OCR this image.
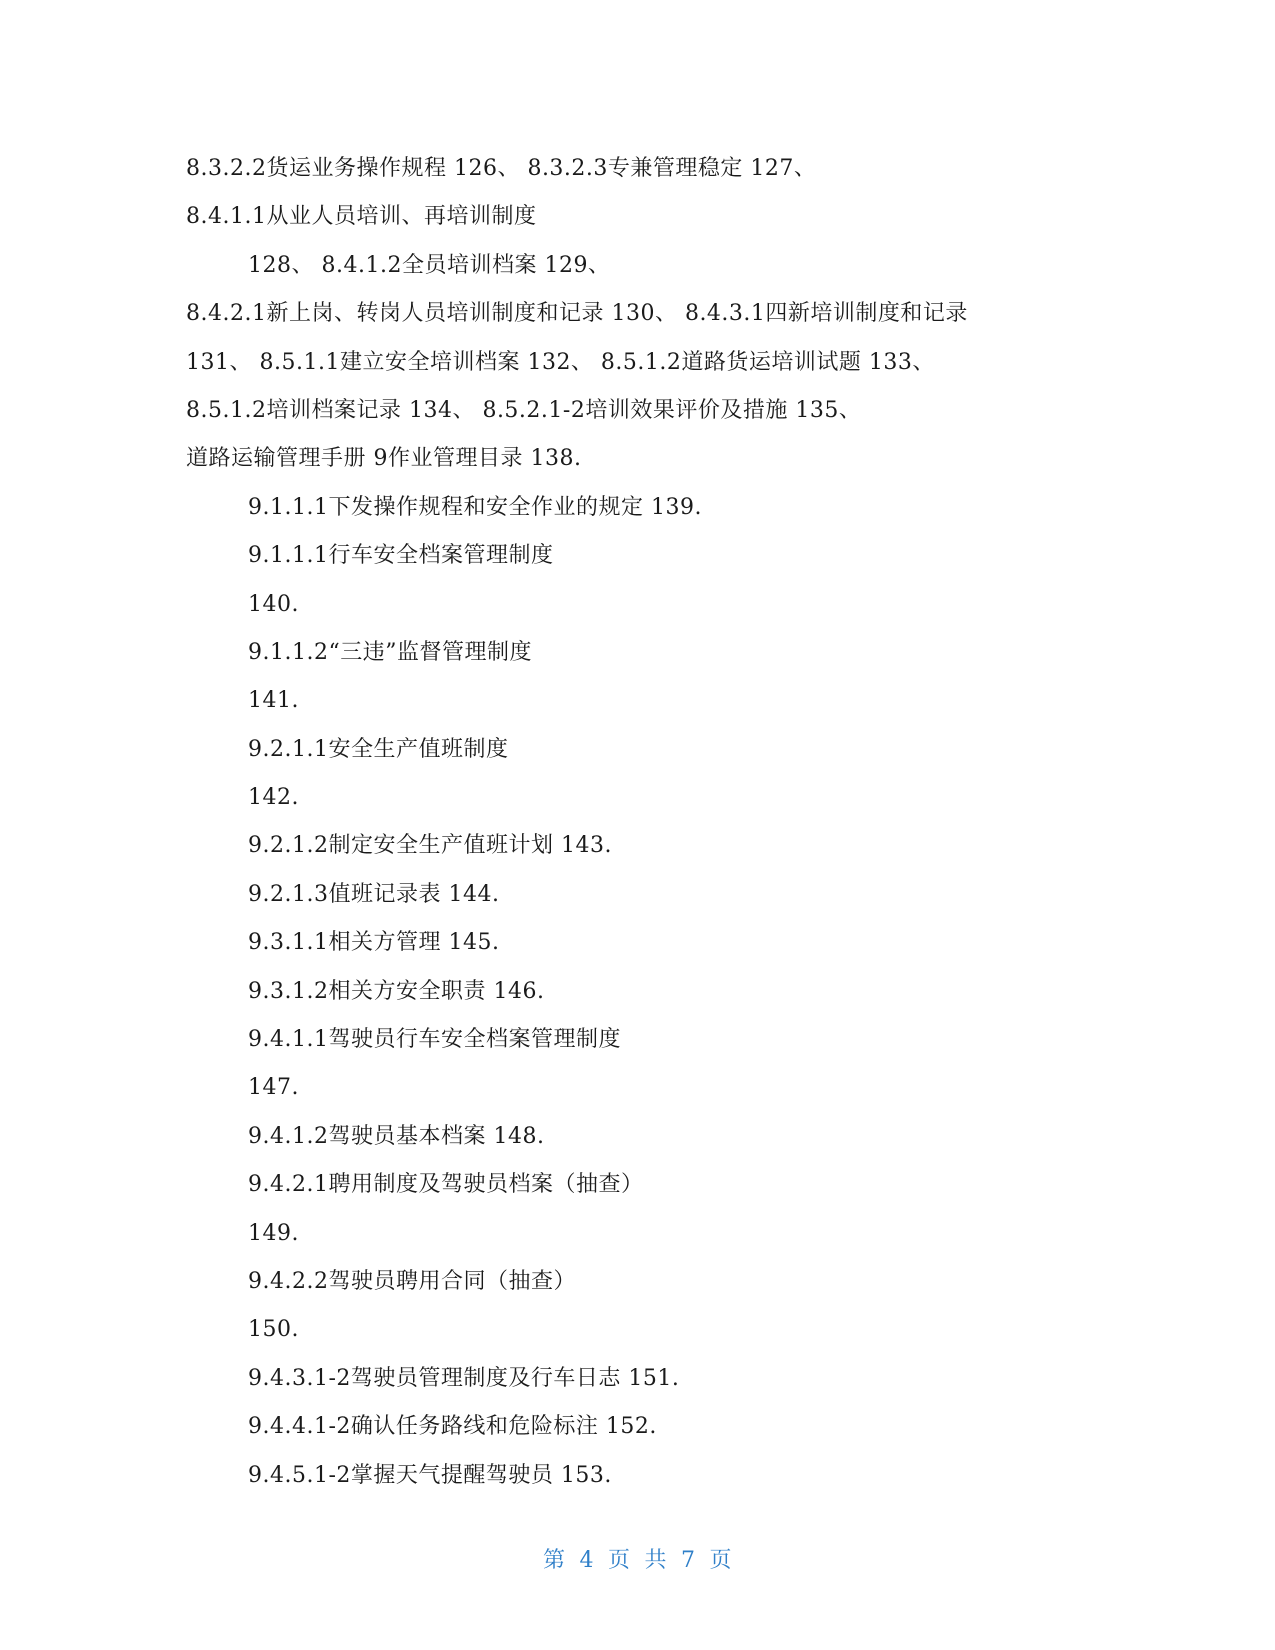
8.3.2.2货运业务操作规程 126、 8.3.2.3专兼管理稳定 127、
8.4.1.1从业人员培训、再培训制度
128、 8.4.1.2全员培训档案 129、
8.4.2.1新上岗、转岗人员培训制度和记录 130、 8.4.3.1四新培训制度和记录
131、 8.5.1.1建立安全培训档案 132、 8.5.1.2道路货运培训试题 133、
8.5.1.2培训档案记录 134、 8.5.2.1-2培训效果评价及措施 135、
道路运输管理手册 9作业管理目录 138.
9.1.1.1下发操作规程和安全作业的规定 139.
9.1.1.1行车安全档案管理制度
140.
9.1.1.2“三违”监督管理制度
141.
9.2.1.1安全生产值班制度
142.
9.2.1.2制定安全生产值班计划 143.
9.2.1.3值班记录表 144.
9.3.1.1相关方管理 145.
9.3.1.2相关方安全职责 146.
9.4.1.1驾驶员行车安全档案管理制度
147.
9.4.1.2驾驶员基本档案 148.
9.4.2.1聘用制度及驾驶员档案（抽查）
149.
9.4.2.2驾驶员聘用合同（抽查）
150.
9.4.3.1-2驾驶员管理制度及行车日志 151.
9.4.4.1-2确认任务路线和危险标注 152.
9.4.5.1-2掌握天气提醒驾驶员 153.
第 4 页 共 7 页
